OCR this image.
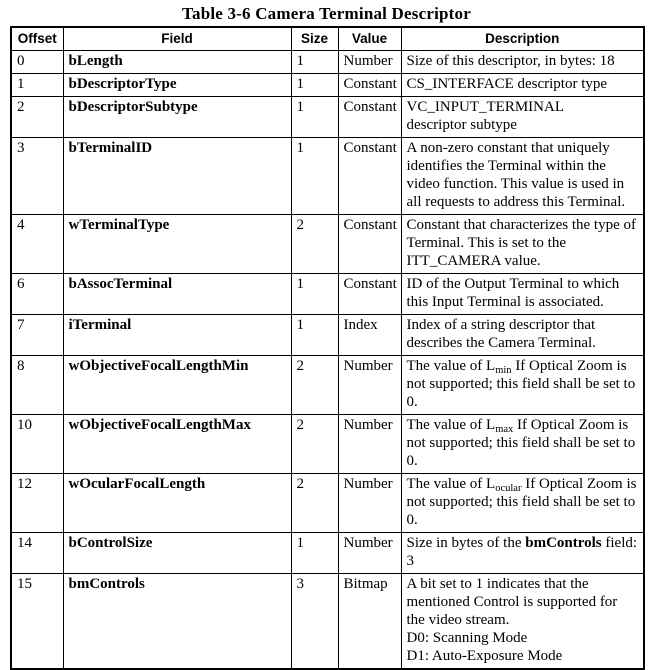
Table 3-6 Camera Terminal Descriptor
Offset	Field	Size	Value	Description
0	bLength	1	Number	Size of this descriptor, in bytes: 18
1	bDescriptorType	1	Constant	CS_INTERFACE descriptor type
2	bDescriptorSubtype	1	Constant	VC_INPUT_TERMINAL
descriptor subtype
3	bTerminalID	1	Constant	A non-zero constant that uniquely identifies the Terminal within the video function. This value is used in all requests to address this Terminal.
4	wTerminalType	2	Constant	Constant that characterizes the type of Terminal. This is set to the ITT_CAMERA value.
6	bAssocTerminal	1	Constant	ID of the Output Terminal to which this Input Terminal is associated.
7	iTerminal	1	Index	Index of a string descriptor that describes the Camera Terminal.
8	wObjectiveFocalLengthMin	2	Number	The value of $L_{min}$ If Optical Zoom is not supported; this field shall be set to 0.
10	wObjectiveFocalLengthMax	2	Number	The value of $L_{max}$ If Optical Zoom is not supported; this field shall be set to 0.
12	wOcularFocalLength	2	Number	The value of $L_{ocular}$ If Optical Zoom is not supported; this field shall be set to 0.
14	bControlSize	1	Number	Size in bytes of the bmControls field: 3
15	bmControls	3	Bitmap	A bit set to 1 indicates that the mentioned Control is supported for the video stream.
D0: Scanning Mode
D1: Auto-Exposure Mode
